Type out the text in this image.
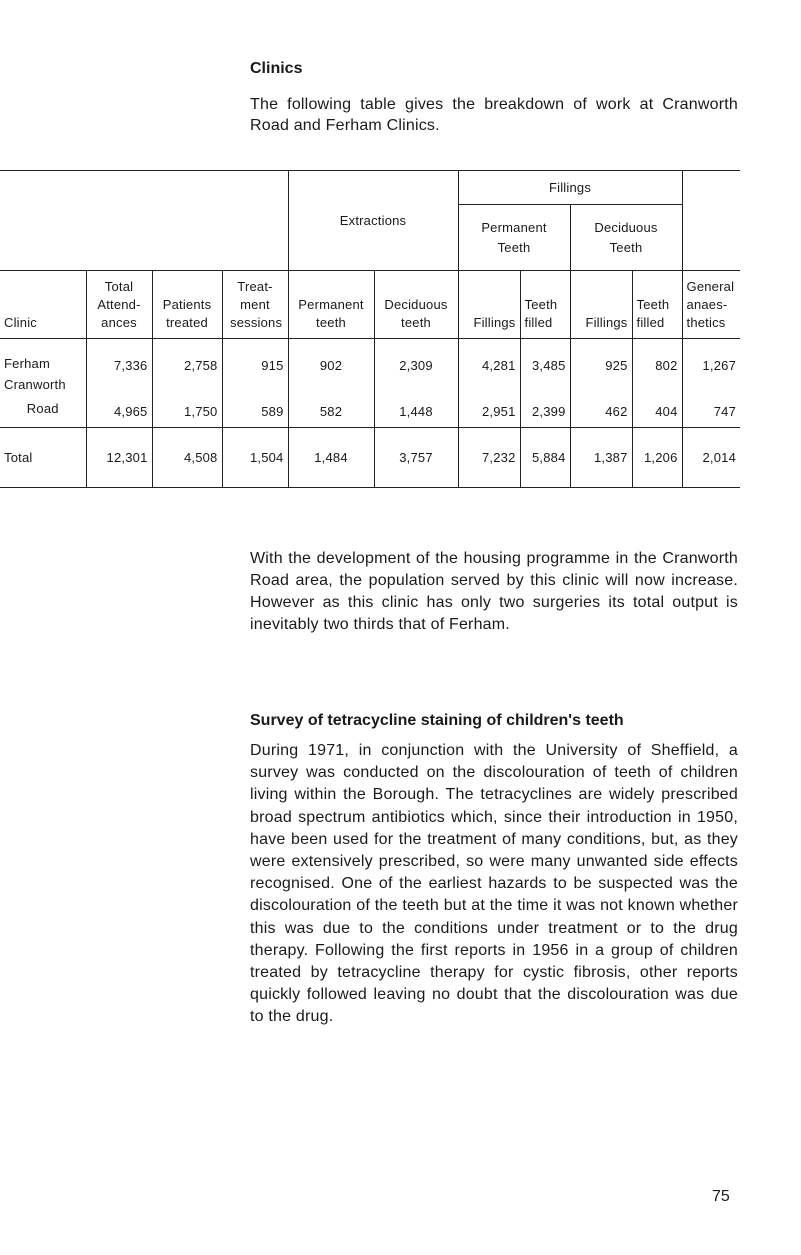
Clinics

The following table gives the breakdown of work at Cranworth Road and Ferham Clinics.

				Extractions		Fillings				
						Permanent Teeth		Deciduous Teeth		
Clinic	Total Attend- ances	Patients treated	Treat- ment sessions	Permanent teeth	Deciduous teeth	Fillings	Teeth filled	Fillings	Teeth filled	General anaes- thetics
Ferham	7,336	2,758	915	902	2,309	4,281	3,485	925	802	1,267

Cranworth
Road	4,965	1,750	589	582	1,448	2,951	2,399	462	404	747
Total	12,301	4,508	1,504	1,484	3,757	7,232	5,884	1,387	1,206	2,014

With the development of the housing programme in the Cranworth Road area, the population served by this clinic will now increase. However as this clinic has only two surgeries its total output is inevitably two thirds that of Ferham.

Survey of tetracycline staining of children's teeth

During 1971, in conjunction with the University of Sheffield, a survey was conducted on the discolouration of teeth of children living within the Borough. The tetracyclines are widely prescribed broad spectrum antibiotics which, since their introduction in 1950, have been used for the treatment of many conditions, but, as they were extensively prescribed, so were many unwanted side effects recognised. One of the earliest hazards to be suspected was the discolouration of the teeth but at the time it was not known whether this was due to the conditions under treatment or to the drug therapy. Following the first reports in 1956 in a group of children treated by tetracycline therapy for cystic fibrosis, other reports quickly followed leaving no doubt that the discolouration was due to the drug.

75
